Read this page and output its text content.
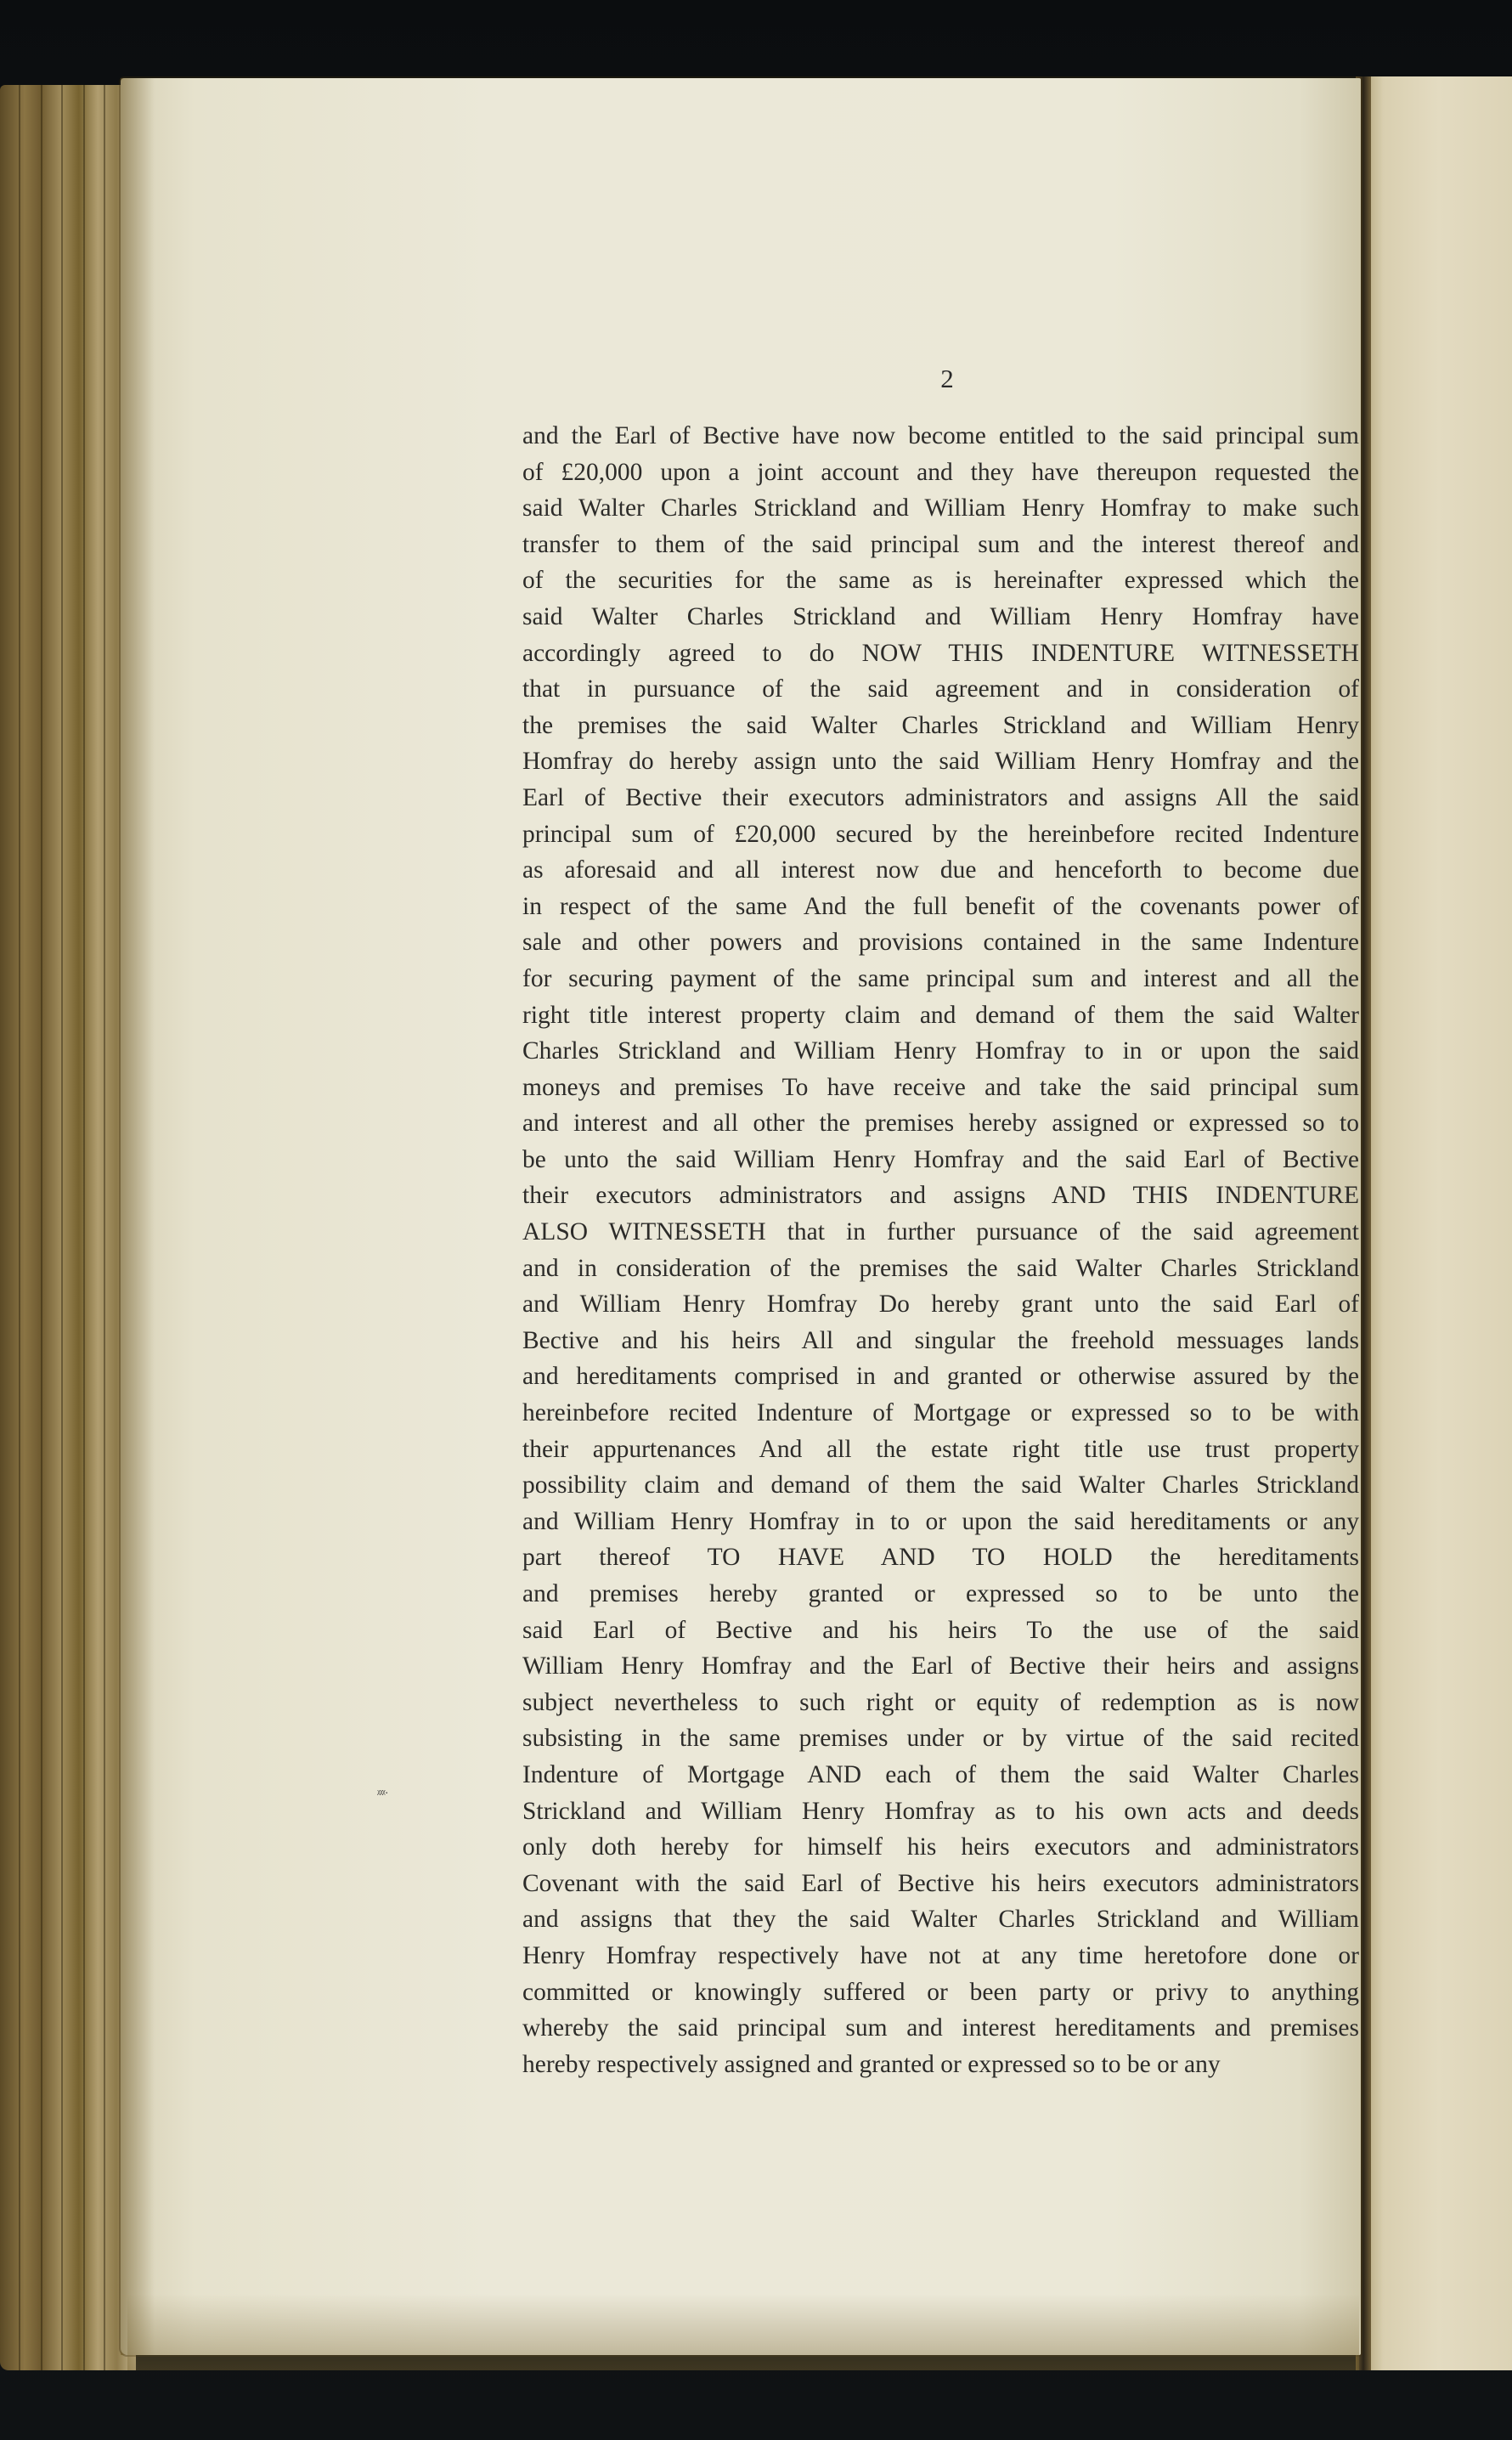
2
ᵡᵡᵡ·
and the Earl of Bective have now become entitled to the said principal sum
of £20,000 upon a joint account and they have thereupon requested the
said Walter Charles Strickland and William Henry Homfray to make such
transfer to them of the said principal sum and the interest thereof and
of the securities for the same as is hereinafter expressed which the
said Walter Charles Strickland and William Henry Homfray have
accordingly agreed to do NOW THIS INDENTURE WITNESSETH
that in pursuance of the said agreement and in consideration of
the premises the said Walter Charles Strickland and William Henry
Homfray do hereby assign unto the said William Henry Homfray and the
Earl of Bective their executors administrators and assigns All the said
principal sum of £20,000 secured by the hereinbefore recited Indenture
as aforesaid and all interest now due and henceforth to become due
in respect of the same And the full benefit of the covenants power of
sale and other powers and provisions contained in the same Indenture
for securing payment of the same principal sum and interest and all the
right title interest property claim and demand of them the said Walter
Charles Strickland and William Henry Homfray to in or upon the said
moneys and premises To have receive and take the said principal sum
and interest and all other the premises hereby assigned or expressed so to
be unto the said William Henry Homfray and the said Earl of Bective
their executors administrators and assigns AND THIS INDENTURE
ALSO WITNESSETH that in further pursuance of the said agreement
and in consideration of the premises the said Walter Charles Strickland
and William Henry Homfray Do hereby grant unto the said Earl of
Bective and his heirs All and singular the freehold messuages lands
and hereditaments comprised in and granted or otherwise assured by the
hereinbefore recited Indenture of Mortgage or expressed so to be with
their appurtenances And all the estate right title use trust property
possibility claim and demand of them the said Walter Charles Strickland
and William Henry Homfray in to or upon the said hereditaments or any
part thereof TO HAVE AND TO HOLD the hereditaments
and premises hereby granted or expressed so to be unto the
said Earl of Bective and his heirs To the use of the said
William Henry Homfray and the Earl of Bective their heirs and assigns
subject nevertheless to such right or equity of redemption as is now
subsisting in the same premises under or by virtue of the said recited
Indenture of Mortgage AND each of them the said Walter Charles
Strickland and William Henry Homfray as to his own acts and deeds
only doth hereby for himself his heirs executors and administrators
Covenant with the said Earl of Bective his heirs executors administrators
and assigns that they the said Walter Charles Strickland and William
Henry Homfray respectively have not at any time heretofore done or
committed or knowingly suffered or been party or privy to anything
whereby the said principal sum and interest hereditaments and premises
hereby respectively assigned and granted or expressed so to be or any
